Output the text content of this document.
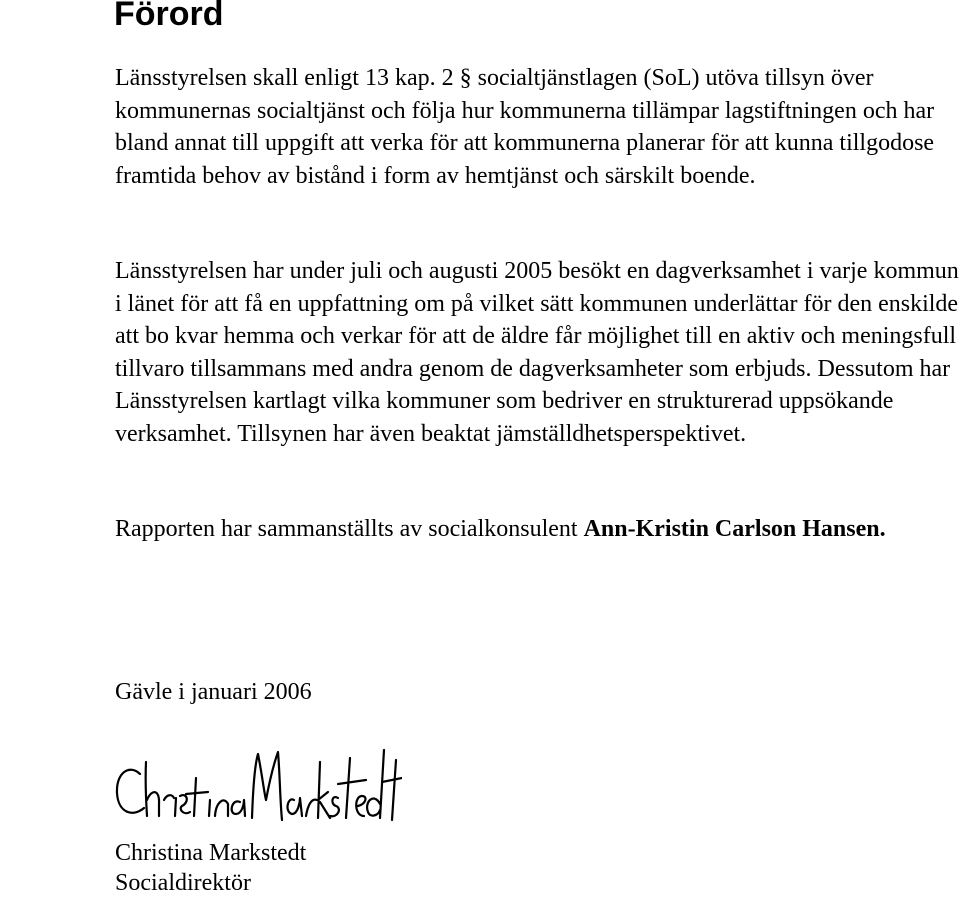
Förord

Länsstyrelsen skall enligt 13 kap. 2 § socialtjänstlagen (SoL) utöva tillsyn över kommunernas socialtjänst och följa hur kommunerna tillämpar lagstiftningen och har bland annat till uppgift att verka för att kommunerna planerar för att kunna tillgodose framtida behov av bistånd i form av hemtjänst och särskilt boende.

Länsstyrelsen har under juli och augusti 2005 besökt en dagverksamhet i varje kommun i länet för att få en uppfattning om på vilket sätt kommunen underlättar för den enskilde att bo kvar hemma och verkar för att de äldre får möjlighet till en aktiv och meningsfull tillvaro tillsammans med andra genom de dagverksamheter som erbjuds. Dessutom har Länsstyrelsen kartlagt vilka kommuner som bedriver en strukturerad uppsökande verksamhet. Tillsynen har även beaktat jämställdhetsperspektivet.

Rapporten har sammanställts av socialkonsulent Ann-Kristin Carlson Hansen.

Gävle i januari 2006

Christina Markstedt

Socialdirektör
